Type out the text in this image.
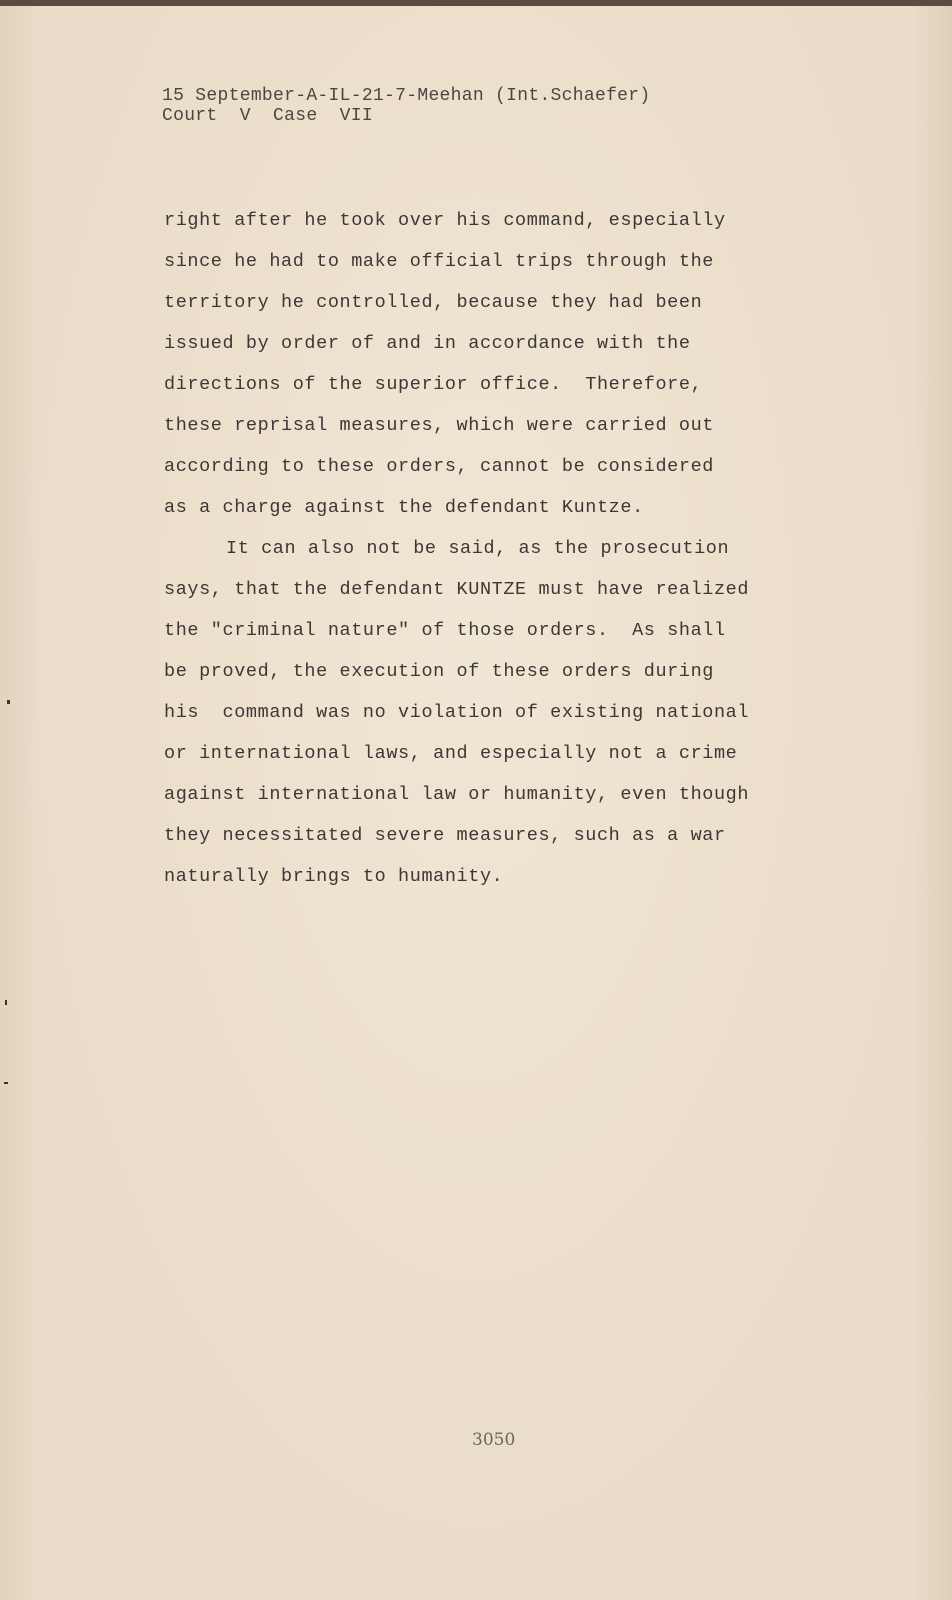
15 September-A-IL-21-7-Meehan (Int.Schaefer)
Court  V  Case  VII
right after he took over his command, especially
since he had to make official trips through the
territory he controlled, because they had been
issued by order of and in accordance with the
directions of the superior office.  Therefore,
these reprisal measures, which were carried out
according to these orders, cannot be considered
as a charge against the defendant Kuntze.
It can also not be said, as the prosecution
says, that the defendant KUNTZE must have realized
the "criminal nature" of those orders.  As shall
be proved, the execution of these orders during
his  command was no violation of existing national
or international laws, and especially not a crime
against international law or humanity, even though
they necessitated severe measures, such as a war
naturally brings to humanity.
3050
